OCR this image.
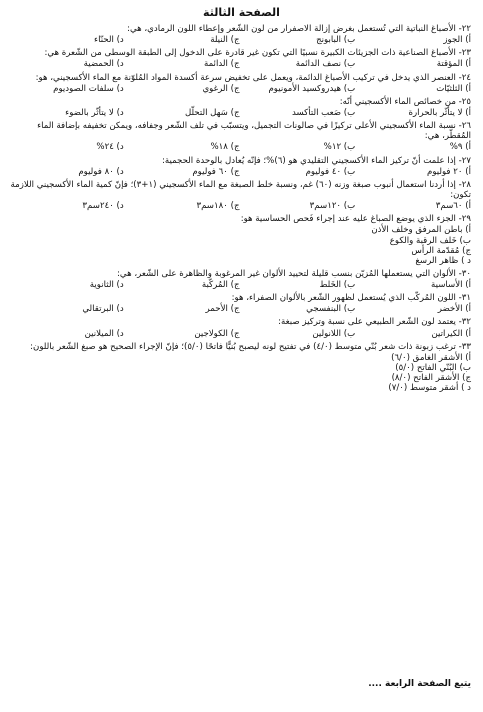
الصفحة الثالثة
٢٢- الأصباغ النباتية التي تُستعمل بغرض إزالة الاصفرار من لون الشّعر وإعطاء اللون الرمادي، هي:
أ) الجوز
ب) البابونج
ج) النيلة
د) الحنّاء
٢٣- الأصباغ الصناعية ذات الجزيئات الكبيرة نسبيًا التي تكون غير قادرة على الدخول إلى الطبقة الوسطى من الشّعرة هي:
أ) المؤقتة
ب) نصف الدائمة
ج) الدائمة
د) الحمضية
٢٤- العنصر الذي يدخل في تركيب الأصباغ الدائمة، ويعمل على تخفيض سرعة أكسدة المواد المُلوّنة مع الماء الأكسجيني، هو:
أ) الثلثيّات
ب) هيدروكسيد الأمونيوم
ج) الرغوي
د) سلفات الصوديوم
٢٥- من خصائص الماء الأكسجيني أنّه:
أ) لا يتأثّر بالحرارة
ب) صَعب التأكسد
ج) سَهل التحلّل
د) لا يتأثّر بالضوء
٢٦- نسبة الماء الأكسجيني الأعلى تركيزًا في صالونات التجميل، ويتسبّب في تلف الشّعر وجفافه، ويمكن تخفيفه بإضافة الماء المُقطّر، هي:
أ) ٩%
ب) ١٢%
ج) ١٨%
د) ٢٤%
٢٧- إذا علمت أنّ تركيز الماء الأكسجيني التقليدي هو (٦)%؛ فإنّه يُعادل بالوحدة الحجمية:
أ) ٢٠ فوليوم
ب) ٤٠ فوليوم
ج) ٦٠ فوليوم
د) ٨٠ فوليوم
٢٨- إذا أردنا استعمال أنبوب صبغة وزنه (٦٠) غم، ونسبة خلط الصبغة مع الماء الأكسجيني (١+٣)؛ فإنّ كمية الماء الأكسجيني اللازمة تكون:
أ) ٦٠سم٣
ب) ١٢٠سم٣
ج) ١٨٠سم٣
د) ٢٤٠سم٣
٢٩- الجزء الذي يوضع الصباغ عليه عند إجراء فَحص الحساسية هو:
أ) باطن المرفق وخلف الأذن
ب) خَلف الرقبة والكوع
ج) مُقدّمة الرأس
د ) ظاهر الرسغ
٣٠- الألوان التي يستعملها المُزيّن بنسب قليلة لتحييد الألوان غير المرغوبة والظاهرة على الشّعر، هي:
أ) الأساسية
ب) الخَلط
ج) المُركّبة
د) الثانوية
٣١- اللون المُركّب الذي يُستعمل لظهور الشّعر بالألوان الصفراء، هو:
أ) الأخضر
ب) البنفسجي
ج) الأحمر
د) البرتقالي
٣٢- يعتمد لون الشّعر الطبيعي على نسبة وتركيز صبغة:
أ) الكيراتين
ب) اللانولين
ج) الكولاجين
د) الميلانين
٣٣- ترغب زبونة ذات شعر بُنّي متوسط (٤/٠) في تفتيح لونه ليصبح بُنيًّا فاتحًا (٥/٠)؛ فإنّ الإجراء الصحيح هو صبغ الشّعر باللون:
أ) الأشقر الغامق (٦/٠)
ب) البُنّي الفاتح (٥/٠)
ج) الأشقر الفاتح (٨/٠)
د ) أشقر متوسط (٧/٠)
يتبع الصفحة الرابعة ....
